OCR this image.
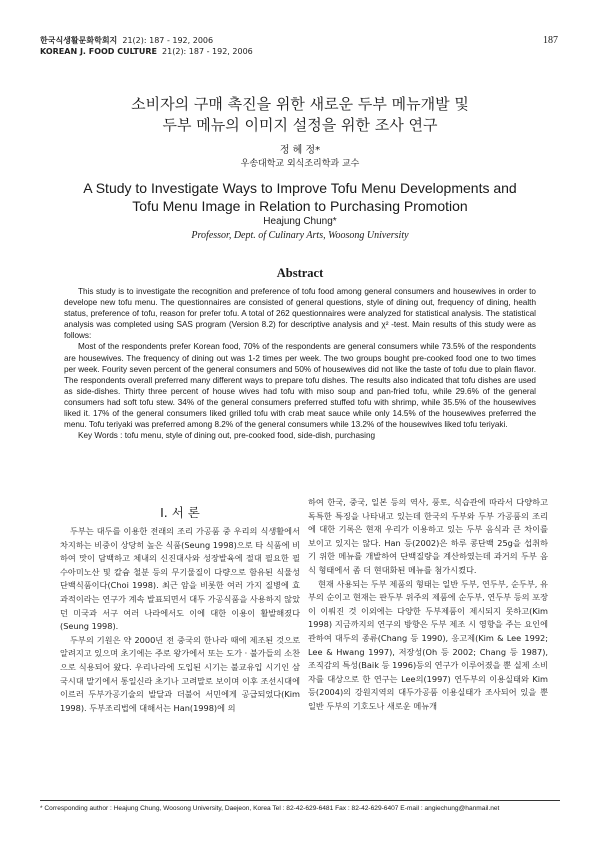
한국식생활문화학회지 21(2): 187 - 192, 2006
KOREAN J. FOOD CULTURE 21(2): 187 - 192, 2006
187
소비자의 구매 촉진을 위한 새로운 두부 메뉴개발 및
두부 메뉴의 이미지 설정을 위한 조사 연구
정 혜 정*
우송대학교 외식조리학과 교수
A Study to Investigate Ways to Improve Tofu Menu Developments and
Tofu Menu Image in Relation to Purchasing Promotion
Heajung Chung*
Professor, Dept. of Culinary Arts, Woosong University
Abstract

This study is to investigate the recognition and preference of tofu food among general consumers and housewives in order to develope new tofu menu. The questionnaires are consisted of general questions, style of dining out, frequency of dining, health status, preference of tofu, reason for prefer tofu. A total of 262 questionnaires were analyzed for statistical analysis. The statistical analysis was completed using SAS program (Version 8.2) for descriptive analysis and χ² -test. Main results of this study were as follows:

Most of the respondents prefer Korean food, 70% of the respondents are general consumers while 73.5% of the respondents are housewives. The frequency of dining out was 1-2 times per week. The two groups bought pre-cooked food one to two times per week. Fourity seven percent of the general consumers and 50% of housewives did not like the taste of tofu due to plain flavor. The respondents overall preferred many different ways to prepare tofu dishes. The results also indicated that tofu dishes are used as side-dishes. Thirty three percent of house wives had tofu with miso soup and pan-fried tofu, while 29.6% of the general consumers had soft tofu stew. 34% of the general consumers preferred stuffed tofu with shrimp, while 35.5% of the housewives liked it. 17% of the general consumers liked grilled tofu with crab meat sauce while only 14.5% of the housewives preferred the menu. Tofu teriyaki was preferred among 8.2% of the general consumers while 13.2% of the housewives liked tofu teriyaki.

Key Words : tofu menu, style of dining out, pre-cooked food, side-dish, purchasing

I. 서 론

두부는 대두를 이용한 전래의 조리 가공품 중 우리의 식생활에서 차지하는 비중이 상당히 높은 식품(Seung 1998)으로 타 식품에 비하여 맛이 담백하고 체내의 신진대사와 성장발육에 절대 필요한 필수아미노산 및 칼슘 철분 등의 무기물질이 다량으로 함유된 식물성 단백식품이다(Choi 1998). 최근 암을 비롯한 여러 가지 질병에 효과적이라는 연구가 계속 발표되면서 대두 가공식품을 사용하지 않았던 미국과 서구 여러 나라에서도 이에 대한 이용이 활발해졌다(Seung 1998).

두부의 기원은 약 2000년 전 중국의 한나라 때에 제조된 것으로 알려지고 있으며 초기에는 주로 왕가에서 또는 도가 · 불가들의 소찬으로 식용되어 왔다. 우리나라에 도입된 시기는 불교유입 시기인 삼국시대 말기에서 통일신라 초기나 고려말로 보이며 이후 조선시대에 이르러 두부가공기술의 발달과 더불어 서민에게 공급되었다(Kim 1998). 두부조리법에 대해서는 Han(1998)에 의

하여 한국, 중국, 일본 등의 역사, 풍토, 식습관에 따라서 다양하고 독특한 특징을 나타내고 있는데 한국의 두부와 두부 가공품의 조리에 대한 기록은 현재 우리가 이용하고 있는 두부 음식과 큰 차이를 보이고 있지는 않다. Han 등(2002)은 하루 콩단백 25g을 섭취하기 위한 메뉴를 개발하여 단백질량을 계산하였는데 과거의 두부 음식 형태에서 좀 더 현대화된 메뉴를 첨가시켰다.

현재 사용되는 두부 제품의 형태는 일반 두부, 연두부, 순두부, 유부의 순이고 현재는 판두부 위주의 제품에 순두부, 연두부 등의 포장이 이뤄진 것 이외에는 다양한 두부제품이 제시되지 못하고(Kim 1998) 지금까지의 연구의 방향은 두부 제조 시 영향을 주는 요인에 관하여 대두의 종류(Chang 등 1990), 응고제(Kim & Lee 1992; Lee & Hwang 1997), 저장성(Oh 등 2002; Chang 등 1987), 조직감의 특성(Baik 등 1996)등의 연구가 이루어졌을 뿐 실제 소비자를 대상으로 한 연구는 Lee의(1997) 연두부의 이용실태와 Kim 등(2004)의 강원지역의 대두가공품 이용실태가 조사되어 있을 뿐 일반 두부의 기호도나 새로운 메뉴개

* Corresponding author : Heajung Chung, Woosong University, Daejeon, Korea Tel : 82-42-629-6481 Fax : 82-42-629-6407 E-mail : angiechung@hanmail.net
